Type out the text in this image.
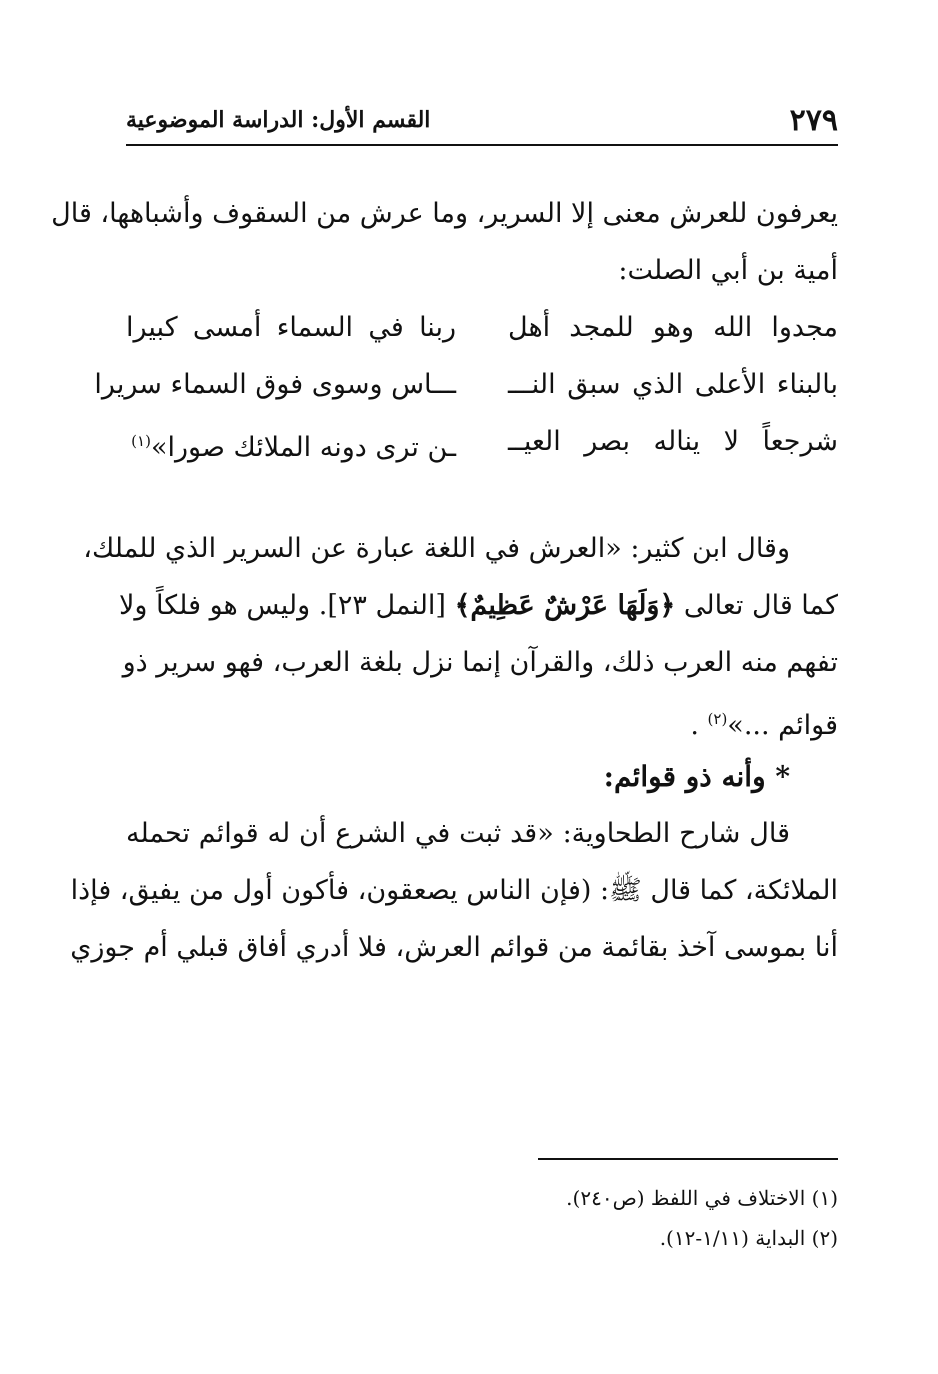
٢٧٩
القسم الأول: الدراسة الموضوعية
يعرفون للعرش معنى إلا السرير، وما عرش من السقوف وأشباهها، قال
أمية بن أبي الصلت:
مجدوا الله وهو للمجد أهل
ربنا في السماء أمسى كبيرا
بالبناء الأعلى الذي سبق النـــ
ـــاس وسوى فوق السماء سريرا
شرجعاً لا يناله بصر العيــ
ـن ترى دونه الملائك صورا»$^{(١)}$
وقال ابن كثير: «العرش في اللغة عبارة عن السرير الذي للملك،
كما قال تعالى ﴿وَلَهَا عَرْشٌ عَظِيمٌ﴾ [النمل ٢٣]. وليس هو فلكاً ولا
تفهم منه العرب ذلك، والقرآن إنما نزل بلغة العرب، فهو سرير ذو
قوائم ...»$^{(٢)}$ .
* وأنه ذو قوائم:
قال شارح الطحاوية: «قد ثبت في الشرع أن له قوائم تحمله
الملائكة، كما قال ﷺ: (فإن الناس يصعقون، فأكون أول من يفيق، فإذا
أنا بموسى آخذ بقائمة من قوائم العرش، فلا أدري أفاق قبلي أم جوزي
(١) الاختلاف في اللفظ (ص٢٤٠).
(٢) البداية (١/١١-١٢).
